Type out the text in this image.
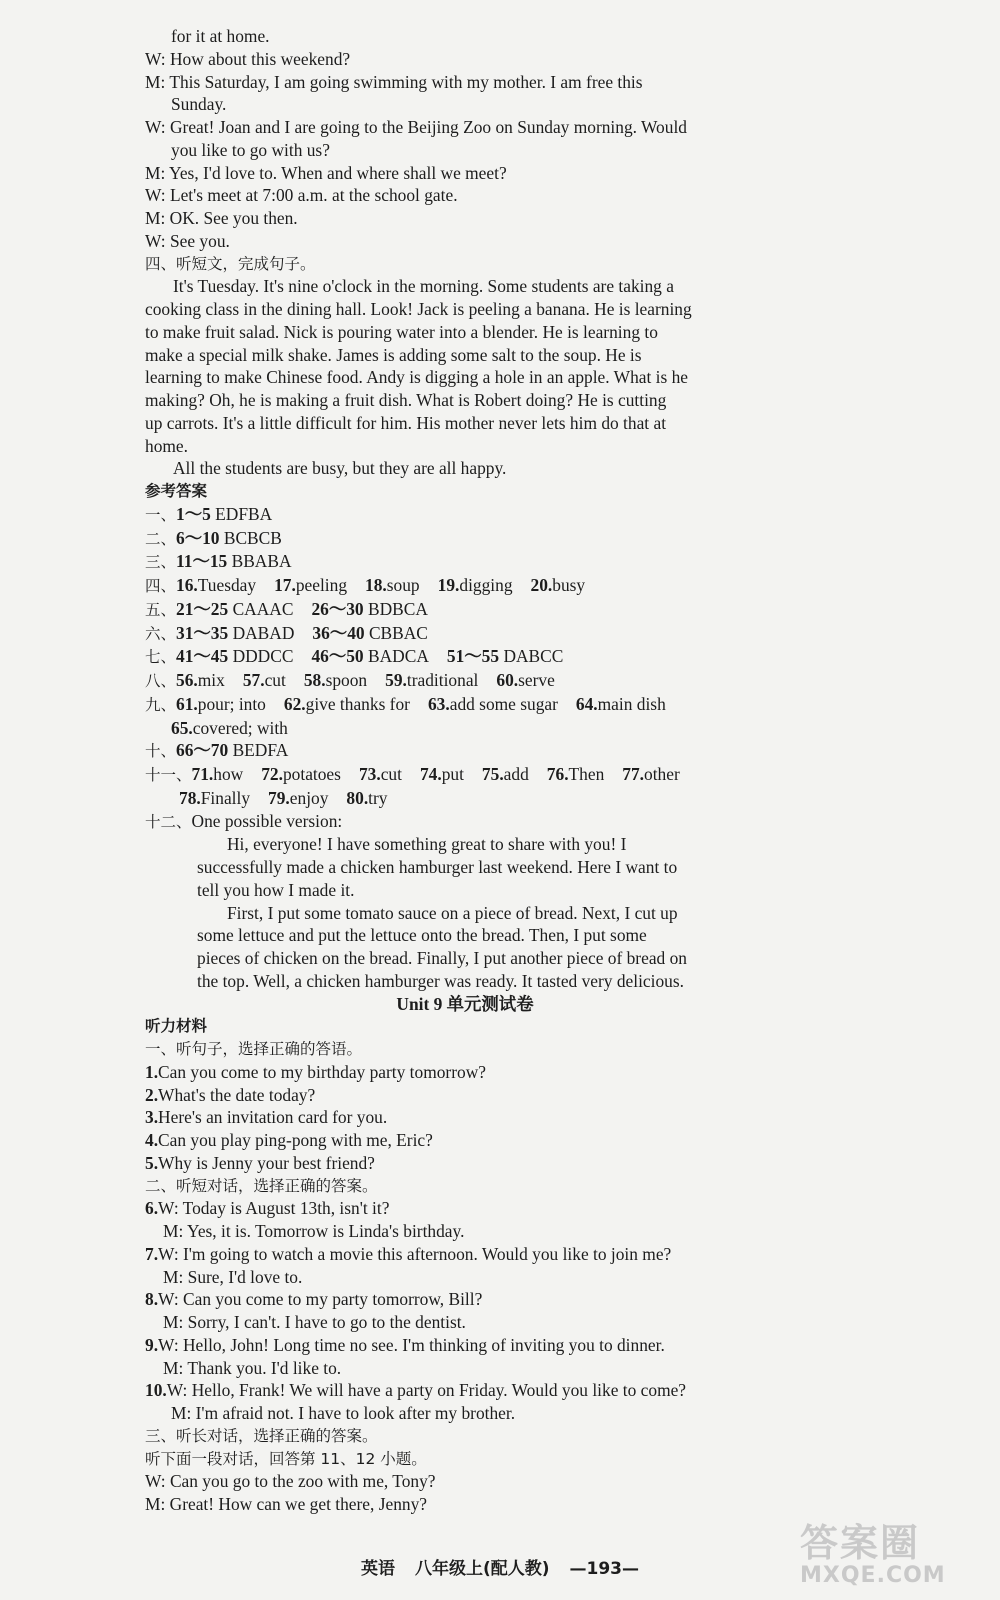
for it at home.
W: How about this weekend?
M: This Saturday, I am going swimming with my mother. I am free this
Sunday.
W: Great! Joan and I are going to the Beijing Zoo on Sunday morning. Would
you like to go with us?
M: Yes, I'd love to. When and where shall we meet?
W: Let's meet at 7:00 a.m. at the school gate.
M: OK. See you then.
W: See you.
四、听短文，完成句子。
It's Tuesday. It's nine o'clock in the morning. Some students are taking a
cooking class in the dining hall. Look! Jack is peeling a banana. He is learning
to make fruit salad. Nick is pouring water into a blender. He is learning to
make a special milk shake. James is adding some salt to the soup. He is
learning to make Chinese food. Andy is digging a hole in an apple. What is he
making? Oh, he is making a fruit dish. What is Robert doing? He is cutting
up carrots. It's a little difficult for him. His mother never lets him do that at
home.
All the students are busy, but they are all happy.
参考答案
一、1～5 EDFBA
二、6～10 BCBCB
三、11～15 BBABA
四、16.Tuesday 17.peeling 18.soup 19.digging 20.busy
五、21～25 CAAAC 26～30 BDBCA
六、31～35 DABAD 36～40 CBBAC
七、41～45 DDDCC 46～50 BADCA 51～55 DABCC
八、56.mix 57.cut 58.spoon 59.traditional 60.serve
九、61.pour; into 62.give thanks for 63.add some sugar 64.main dish
65.covered; with
十、66～70 BEDFA
十一、71.how 72.potatoes 73.cut 74.put 75.add 76.Then 77.other
78.Finally 79.enjoy 80.try
十二、One possible version:
Hi, everyone! I have something great to share with you! I
successfully made a chicken hamburger last weekend. Here I want to
tell you how I made it.
First, I put some tomato sauce on a piece of bread. Next, I cut up
some lettuce and put the lettuce onto the bread. Then, I put some
pieces of chicken on the bread. Finally, I put another piece of bread on
the top. Well, a chicken hamburger was ready. It tasted very delicious.
Unit 9 单元测试卷
听力材料
一、听句子，选择正确的答语。
1.Can you come to my birthday party tomorrow?
2.What's the date today?
3.Here's an invitation card for you.
4.Can you play ping-pong with me, Eric?
5.Why is Jenny your best friend?
二、听短对话，选择正确的答案。
6.W: Today is August 13th, isn't it?
M: Yes, it is. Tomorrow is Linda's birthday.
7.W: I'm going to watch a movie this afternoon. Would you like to join me?
M: Sure, I'd love to.
8.W: Can you come to my party tomorrow, Bill?
M: Sorry, I can't. I have to go to the dentist.
9.W: Hello, John! Long time no see. I'm thinking of inviting you to dinner.
M: Thank you. I'd like to.
10.W: Hello, Frank! We will have a party on Friday. Would you like to come?
M: I'm afraid not. I have to look after my brother.
三、听长对话，选择正确的答案。
听下面一段对话，回答第 11、12 小题。
W: Can you go to the zoo with me, Tony?
M: Great! How can we get there, Jenny?
英语 八年级上(配人教) —193—
答案圈
MXQE.COM
